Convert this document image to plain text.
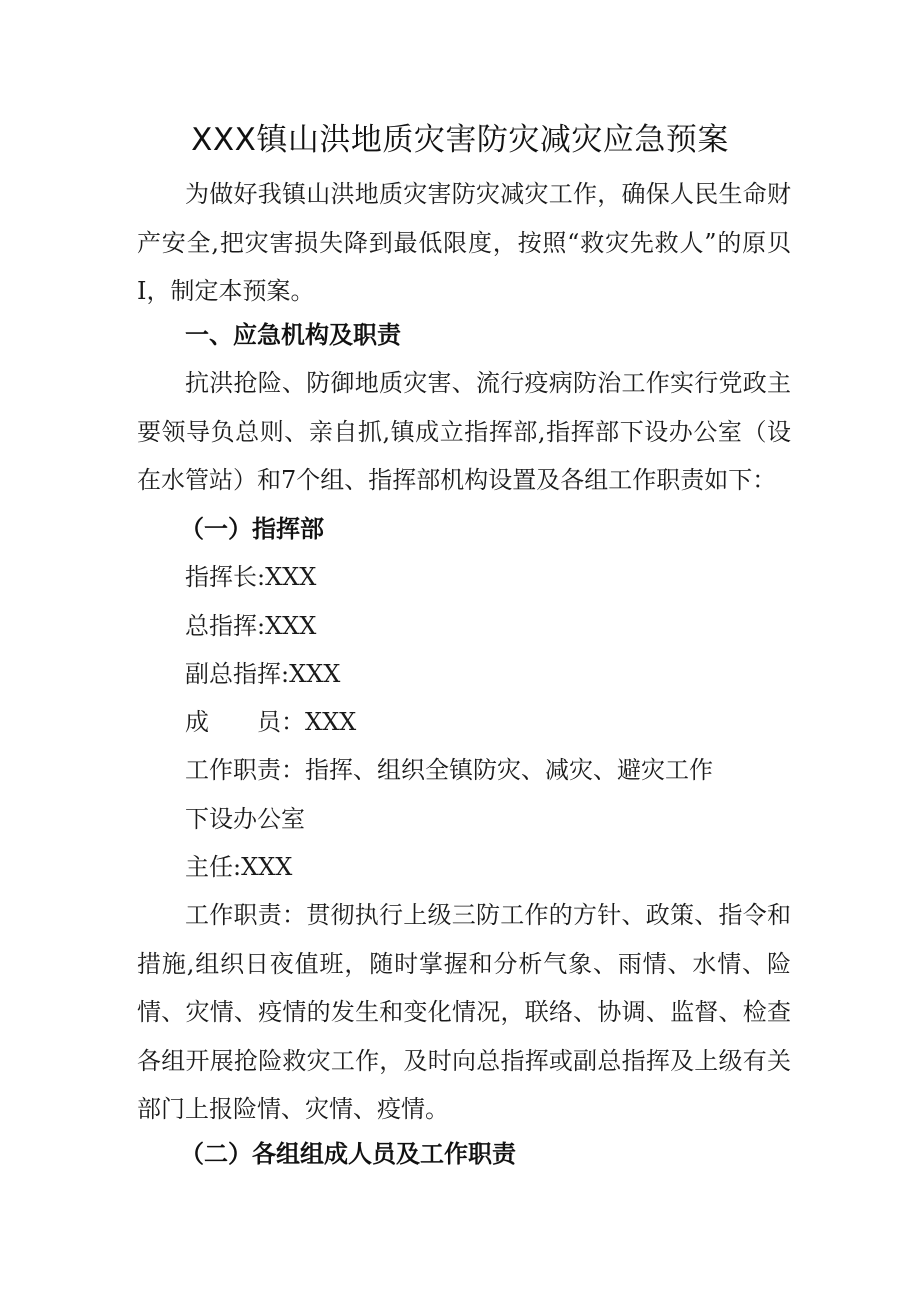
XXX镇山洪地质灾害防灾减灾应急预案

为做好我镇山洪地质灾害防灾减灾工作，确保人民生命财产安全,把灾害损失降到最低限度，按照“救灾先救人”的原贝I，制定本预案。

一、应急机构及职责

抗洪抢险、防御地质灾害、流行疫病防治工作实行党政主要领导负总则、亲自抓,镇成立指挥部,指挥部下设办公室（设在水管站）和7个组、指挥部机构设置及各组工作职责如下：

（一）指挥部
指挥长:XXX
总指挥:XXX
副总指挥:XXX
成　　员：XXX
工作职责：指挥、组织全镇防灾、减灾、避灾工作
下设办公室
主任:XXX

工作职责：贯彻执行上级三防工作的方针、政策、指令和措施,组织日夜值班，随时掌握和分析气象、雨情、水情、险情、灾情、疫情的发生和变化情况，联络、协调、监督、检查各组开展抢险救灾工作，及时向总指挥或副总指挥及上级有关部门上报险情、灾情、疫情。

（二）各组组成人员及工作职责
